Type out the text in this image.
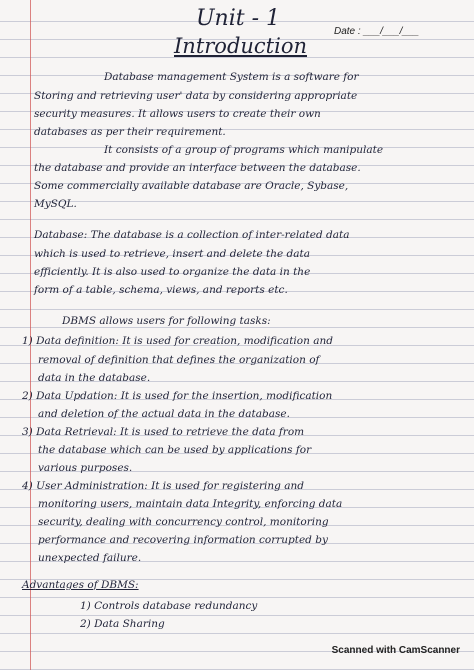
Unit - 1
Introduction
Date : ___/___/___
Database management System is a software for
Storing and retrieving user' data by considering appropriate
security measures. It allows users to create their own
databases as per their requirement.
It consists of a group of programs which manipulate
the database and provide an interface between the database.
Some commercially available database are Oracle, Sybase,
MySQL.
Database: The database is a collection of inter-related data
which is used to retrieve, insert and delete the data
efficiently. It is also used to organize the data in the
form of a table, schema, views, and reports etc.
DBMS allows users for following tasks:
1) Data definition: It is used for creation, modification and
removal of definition that defines the organization of
data in the database.
2) Data Updation: It is used for the insertion, modification
and deletion of the actual data in the database.
3) Data Retrieval: It is used to retrieve the data from
the database which can be used by applications for
various purposes.
4) User Administration: It is used for registering and
monitoring users, maintain data Integrity, enforcing data
security, dealing with concurrency control, monitoring
performance and recovering information corrupted by
unexpected failure.
Advantages of DBMS:
1) Controls database redundancy
2) Data Sharing
Scanned with CamScanner
